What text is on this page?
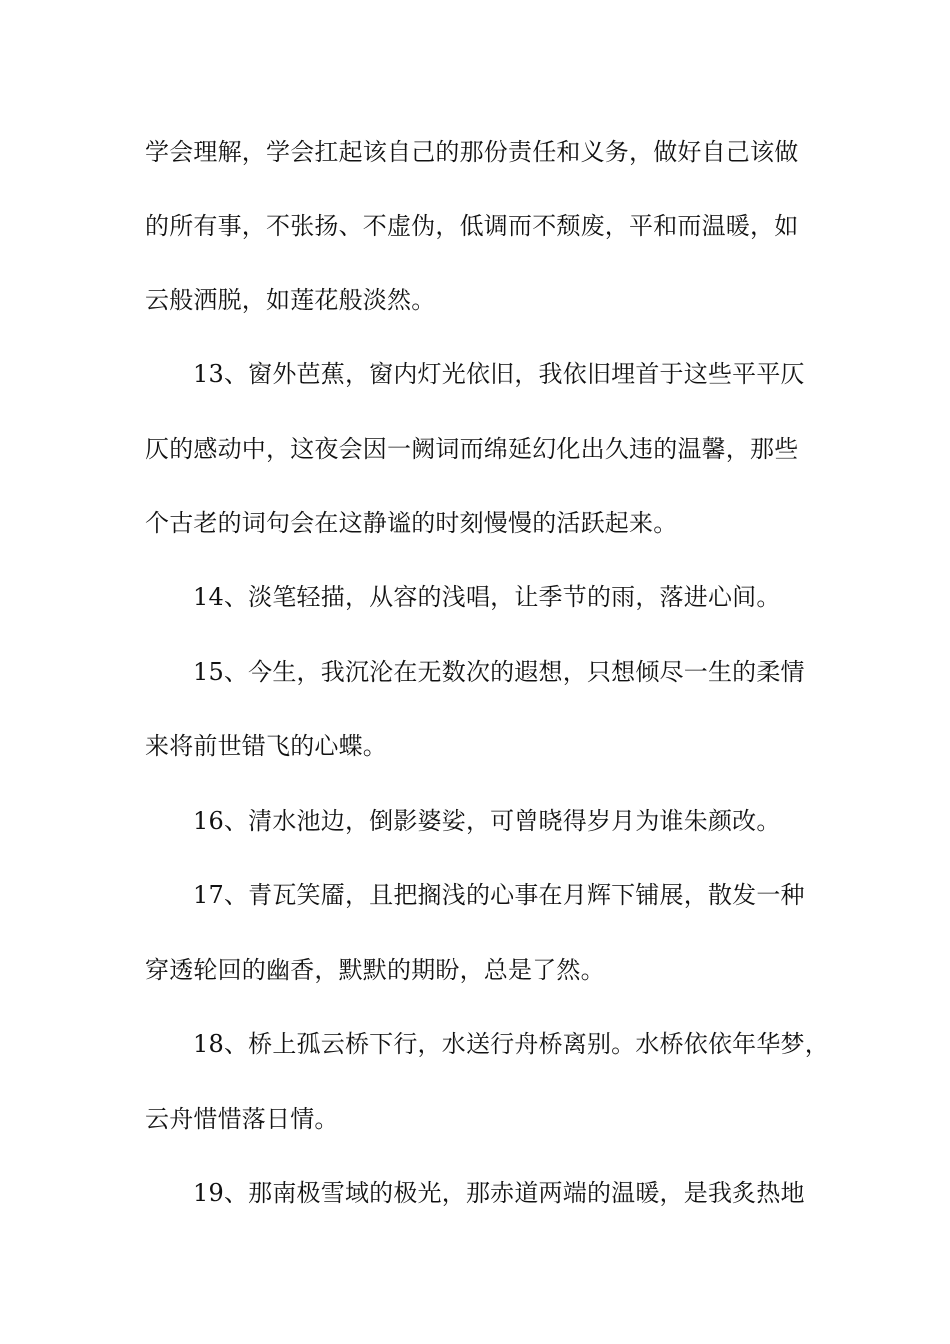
学会理解，学会扛起该自己的那份责任和义务，做好自己该做
的所有事，不张扬、不虚伪，低调而不颓废，平和而温暖，如
云般洒脱，如莲花般淡然。
13、窗外芭蕉，窗内灯光依旧，我依旧埋首于这些平平仄
仄的感动中，这夜会因一阙词而绵延幻化出久违的温馨，那些
个古老的词句会在这静谧的时刻慢慢的活跃起来。
14、淡笔轻描，从容的浅唱，让季节的雨，落进心间。
15、今生，我沉沦在无数次的遐想，只想倾尽一生的柔情
来将前世错飞的心蝶。
16、清水池边，倒影婆娑，可曾晓得岁月为谁朱颜改。
17、青瓦笑靥，且把搁浅的心事在月辉下铺展，散发一种
穿透轮回的幽香，默默的期盼，总是了然。
18、桥上孤云桥下行，水送行舟桥离别。水桥依依年华梦，
云舟惜惜落日情。
19、那南极雪域的极光，那赤道两端的温暖，是我炙热地
